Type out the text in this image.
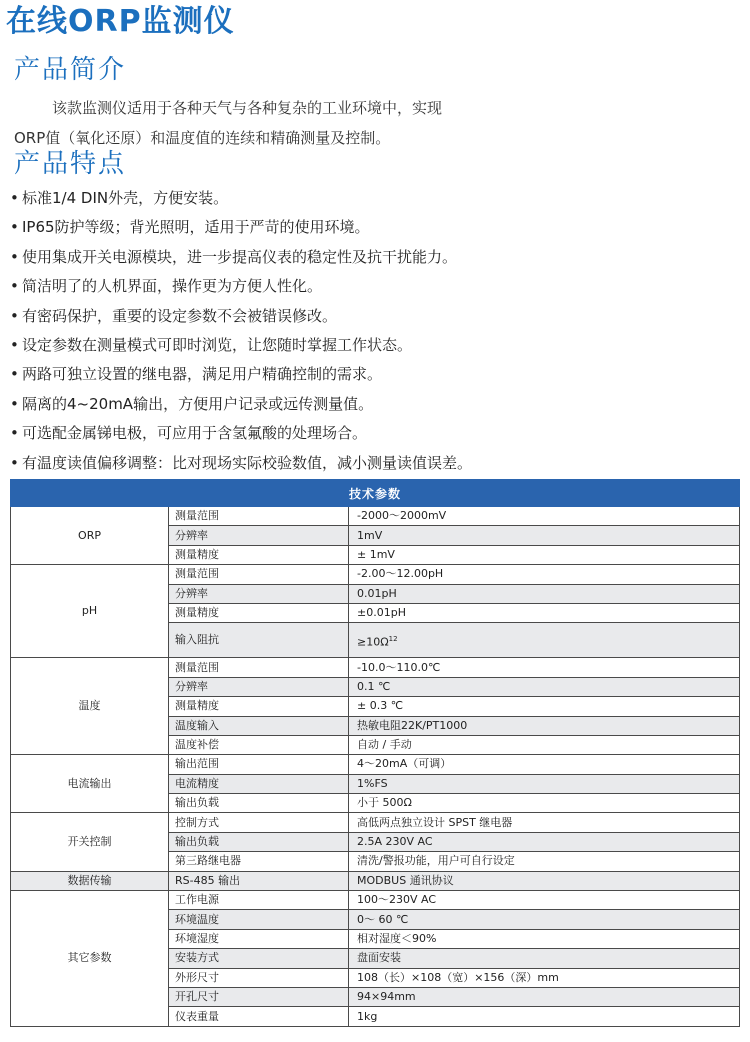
在线ORP监测仪
产品简介
该款监测仪适用于各种天气与各种复杂的工业环境中，实现
ORP值（氧化还原）和温度值的连续和精确测量及控制。
产品特点
• 标准1/4 DIN外壳，方便安装。
• IP65防护等级；背光照明，适用于严苛的使用环境。
• 使用集成开关电源模块，进一步提高仪表的稳定性及抗干扰能力。
• 简洁明了的人机界面，操作更为方便人性化。
• 有密码保护，重要的设定参数不会被错误修改。
• 设定参数在测量模式可即时浏览，让您随时掌握工作状态。
• 两路可独立设置的继电器，满足用户精确控制的需求。
• 隔离的4~20mA输出，方便用户记录或远传测量值。
• 可选配金属锑电极，可应用于含氢氟酸的处理场合。
• 有温度读值偏移调整：比对现场实际校验数值，减小测量读值误差。
技术参数		
ORP	测量范围	-2000～2000mV
	分辨率	1mV
	测量精度	± 1mV
pH	测量范围	-2.00～12.00pH
	分辨率	0.01pH
	测量精度	±0.01pH
	输入阻抗	$\ge 10\Omega^{12}$
温度	测量范围	-10.0～110.0℃
	分辨率	0.1 ℃
	测量精度	± 0.3 ℃
	温度输入	热敏电阻22K/PT1000
	温度补偿	自动 / 手动
电流输出	输出范围	4～20mA（可调）
	电流精度	1%FS
	输出负载	小于 500Ω
开关控制	控制方式	高低两点独立设计 SPST 继电器
	输出负载	2.5A 230V AC
	第三路继电器	清洗/警报功能，用户可自行设定
数据传输	RS-485 输出	MODBUS 通讯协议
其它参数	工作电源	100～230V AC
	环境温度	0～ 60 ℃
	环境湿度	相对湿度＜90%
	安装方式	盘面安装
	外形尺寸	108（长）×108（宽）×156（深）mm
	开孔尺寸	94×94mm
	仪表重量	1kg
